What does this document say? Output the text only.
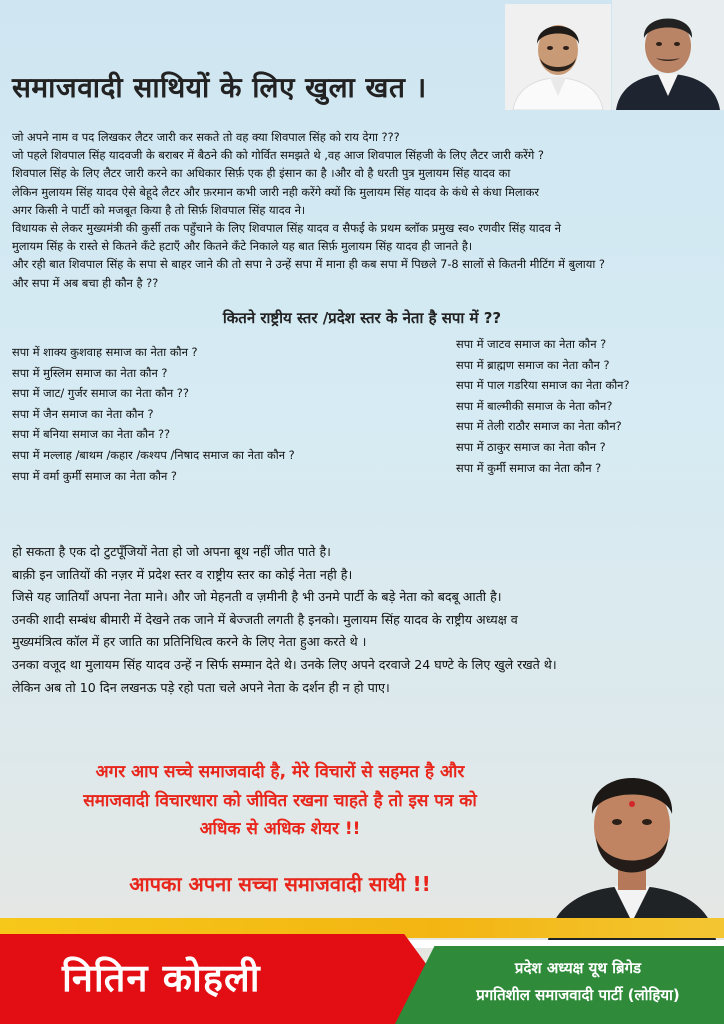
समाजवादी साथियों के लिए खुला खत ।

जो अपने नाम व पद लिखकर लैटर जारी कर सकते तो वह क्या शिवपाल सिंह को राय देगा ???

जो पहले शिवपाल सिंह यादवजी के बराबर में बैठने की को गोर्वित समझते थे ,वह आज शिवपाल सिंहजी के लिए लैटर जारी करेंगे ?

शिवपाल सिंह के लिए लैटर जारी करने का अधिकार सिर्फ़ एक ही इंसान का है ।और वो है धरती पुत्र मुलायम सिंह यादव का

लेकिन मुलायम सिंह यादव ऐसे बेहूदे लैटर और फ़रमान कभी जारी नही करेंगे क्यों कि मुलायम सिंह यादव के कंधे से कंधा मिलाकर

अगर किसी ने पार्टी को मजबूत किया है तो सिर्फ़ शिवपाल सिंह यादव ने।

विधायक से लेकर मुख्यमंत्री की कुर्सी तक पहुँचाने के लिए शिवपाल सिंह यादव व सैफई के प्रथम ब्लॉक प्रमुख स्व० रणवीर सिंह यादव ने

मुलायम सिंह के रास्ते से कितने कँटे हटाएँ और कितने कँटे निकाले यह बात सिर्फ़ मुलायम सिंह यादव ही जानते है।

और रही बात शिवपाल सिंह के सपा से बाहर जाने की तो सपा ने उन्हें सपा में माना ही कब सपा में पिछले 7-8 सालों से कितनी मीटिंग में बुलाया ?

और सपा में अब बचा ही कौन है ??

कितने राष्ट्रीय स्तर /प्रदेश स्तर के नेता है सपा में ??

सपा में शाक्य कुशवाह समाज का नेता कौन ?

सपा में मुस्लिम समाज का नेता कौन ?

सपा में जाट/ गुर्जर समाज का नेता कौन ??

सपा में जैन समाज का नेता कौन ?

सपा में बनिया समाज का नेता कौन ??

सपा में मल्लाह /बाथम /कहार /कश्यप /निषाद समाज का नेता कौन ?

सपा में वर्मा कुर्मी समाज का नेता कौन ?

सपा में जाटव समाज का नेता कौन ?

सपा में ब्राह्मण समाज का नेता कौन ?

सपा में पाल गडरिया समाज का नेता कौन?

सपा में बाल्मीकी समाज के नेता कौन?

सपा में तेली राठौर समाज का नेता कौन?

सपा में ठाकुर समाज का नेता कौन ?

सपा में कुर्मी समाज का नेता कौन ?

हो सकता है एक दो टुटपूँजियों नेता हो जो अपना बूथ नहीं जीत पाते है।

बाक़ी इन जातियों की नज़र में प्रदेश स्तर व राष्ट्रीय स्तर का कोई नेता नही है।

जिसे यह जातियाँ अपना नेता माने। और जो मेहनती व ज़मीनी है भी उनमे पार्टी के बड़े नेता को बदबू आती है।

उनकी शादी सम्बंध बीमारी में देखने तक जाने में बेज्जती लगती है इनको। मुलायम सिंह यादव के राष्ट्रीय अध्यक्ष व

मुख्यमंत्रित्व कॉल में हर जाति का प्रतिनिधित्व करने के लिए नेता हुआ करते थे ।

उनका वजूद था मुलायम सिंह यादव उन्हें न सिर्फ सम्मान देते थे। उनके लिए अपने दरवाजे 24 घण्टे के लिए खुले रखते थे।

लेकिन अब तो 10 दिन लखनऊ पड़े रहो पता चले अपने नेता के दर्शन ही न हो पाए।

अगर आप सच्चे समाजवादी है, मेरे विचारों से सहमत है और

समाजवादी विचारधारा को जीवित रखना चाहते है तो इस पत्र को

अधिक से अधिक शेयर !!

आपका अपना सच्चा समाजवादी साथी !!
नितिन कोहली	प्रदेश अध्यक्ष यूथ ब्रिगेड

प्रगतिशील समाजवादी पार्टी (लोहिया)
